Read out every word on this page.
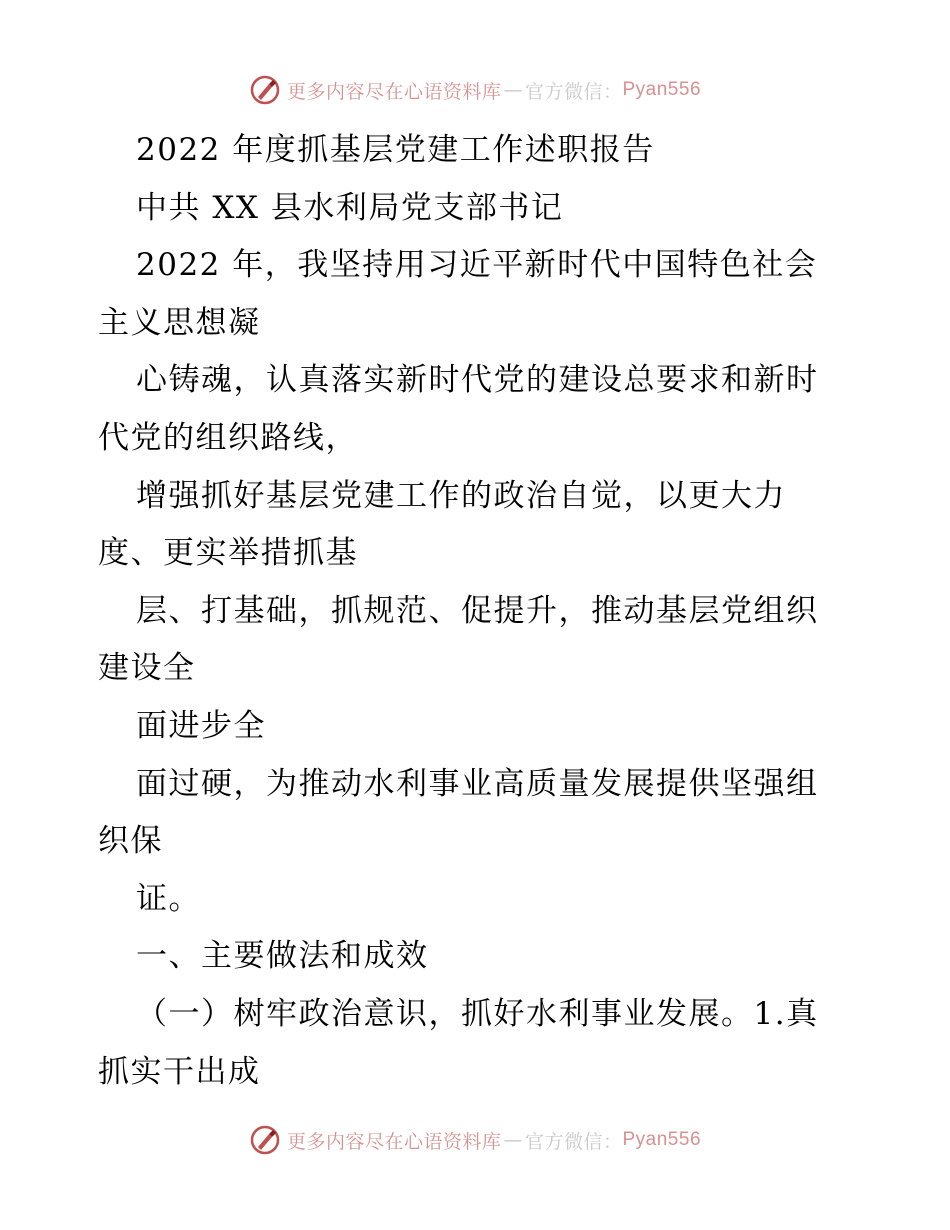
更多内容尽在心语资料库 — 官方微信： Pyan556
2022 年度抓基层党建工作述职报告
中共 XX 县水利局党支部书记
2022 年，我坚持用习近平新时代中国特色社会
主义思想凝
心铸魂，认真落实新时代党的建设总要求和新时
代党的组织路线，
增强抓好基层党建工作的政治自觉，以更大力
度、更实举措抓基
层、打基础，抓规范、促提升，推动基层党组织
建设全
面进步全
面过硬，为推动水利事业高质量发展提供坚强组
织保
证。
一、主要做法和成效
（一）树牢政治意识，抓好水利事业发展。1.真
抓实干出成
更多内容尽在心语资料库 — 官方微信： Pyan556
